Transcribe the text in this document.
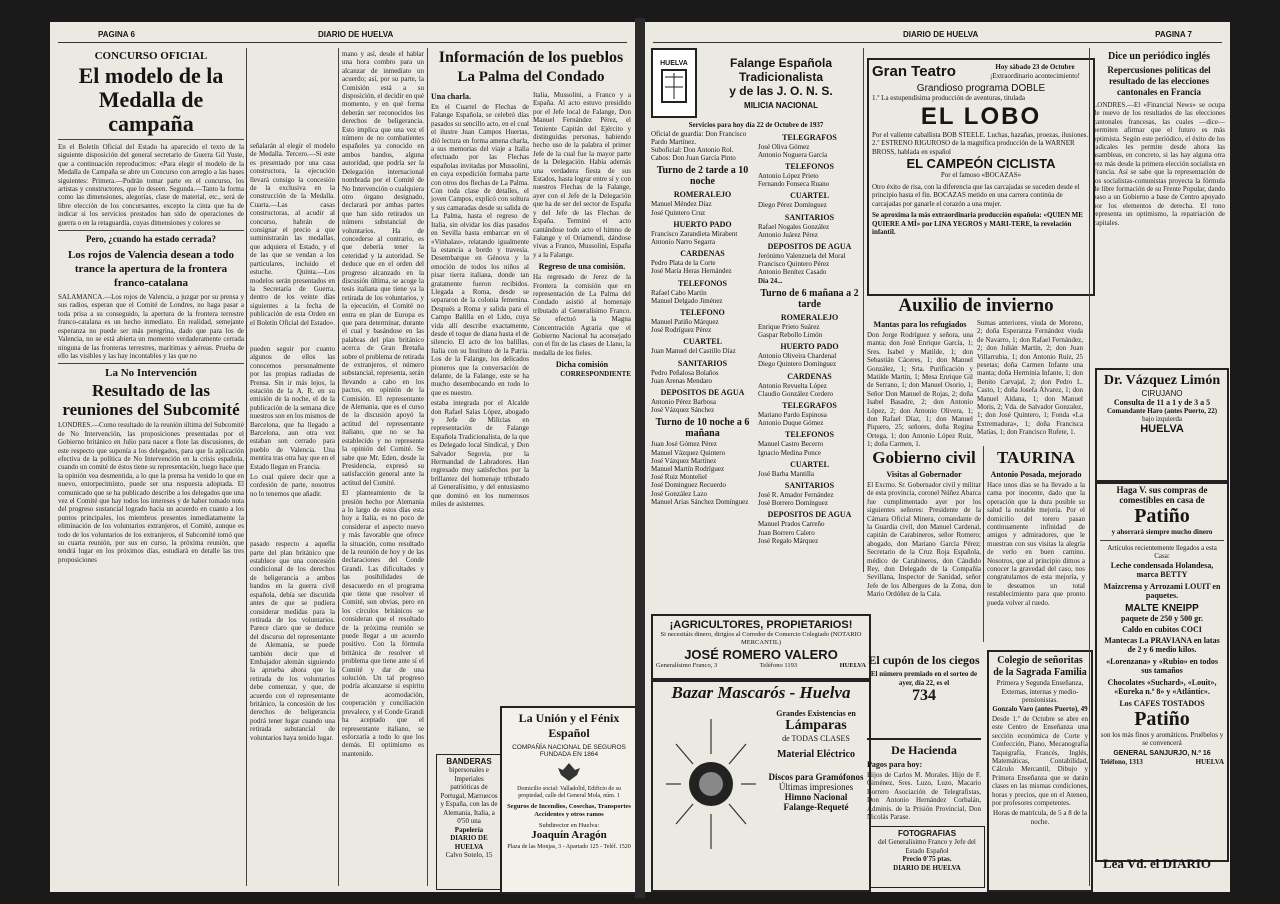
PAGINA 6	DIARIO DE HUELVA
CONCURSO OFICIAL
El modelo de la Medalla de campaña

En el Boletín Oficial del Estado ha aparecido el texto de la siguiente disposición del general secretario de Guerra Gil Yuste, que a continuación reproducimos: «Para elegir el modelo de la Medalla de Campaña se abre un Concurso con arreglo a las bases siguientes: Primera.—Podrán tomar parte en el concurso, los artistas y constructores, que lo deseen. Segunda.—Tanto la forma como las dimensiones, alegorías, clase de material, etc., será de libre elección de los concursantes, excepto la cinta que ha de indicar si los servicios prestados han sido de operaciones de guerra o en la retaguardia, cuyas dimensiones y colores se

Pero, ¿cuando ha estado cerrada?
Los rojos de Valencia desean a todo trance la apertura de la frontera franco-catalana

SALAMANCA.—Los rojos de Valencia, a juzgar por su prensa y sus radios, esperan que el Comité de Londres, no haga pasar a toda prisa a su conseguido, la apertura de la frontera terrestre franco-catalana es un hecho inmediato. En realidad, semejante esperanza no puede ser más peregrina, dado que para los de Valencia, no se está abierta un momento verdaderamente cerrada ninguna de las fronteras terrestres, marítimas y aéreas. Prueba de ello las visibles y las hay incontables y las que no

La No Intervención
Resultado de las reuniones del Subcomité

LONDRES.—Como resultado de la reunión última del Subcomité de No Intervención, las proposiciones presentadas por el Gobierno británico en Julio para nacer a flote las discusiones, de este respecto que suponía a los delegados, para que la aplicación efectiva de la política de No Intervención en la crisis española, cuando un comité de éstos tiene su representación, luego hace que la opinión vea desmentida, a lo que la prensa ha venido lo que en nuevo, entorpeciminto, puede ser una respuesta adoptada. El comunicado que se ha publicado describe a los delegados que una vez el Comité que hay todos los intereses y de haber tomado nota del progreso sustancial logrado hacia un acuerdo en cuanto a los puntos principales, los miembros presentes inmediatamente la eliminación de los voluntarios extranjeros, el Comité, aunque es todo de los voluntarios de los extranjeros, el Subcomité tomó que su cuarta reunión, por sus en curso, la próxima reunión, que tendrá lugar en los próximos días, estudiará en detalle las tres proposiciones

señalarán al elegir el modelo de Medalla. Tercero.—Si este es presentado por una casa constructora, la ejecución llevará consigo la concesión de la exclusiva en la construcción de la Medalla. Cuarta.—Las casas constructoras, al acudir al concurso, habrán de consignar el precio a que suministrarán las medallas, que adquiera el Estado, y el de las que se vendan a los particulares, incluido el estuche. Quinta.—Los modelos serán presentados en la Secretaría de Guerra, dentro de los veinte días siguientes a la fecha de publicación de esta Orden en el Boletín Oficial del Estado».

pueden seguir por cuanto algunos de ellos las conocemos personalmente por las propias radiadas de Prensa. Sin ir más lejos, la estación de la A. R. en su emisión de la noche, el de la publicación de la semana dice nuestros son en los mismos de Barcelona, que ha llegado a Barcelona, aun otra vez estaban son cerrado para pueblo de Valencia. Una mentira tras otra hay que en el Estado llegan en Francia.

Lo cual quiere decir que a confesión de parte, nosotros no lo tenemos que añadir.

pasado respecto a aquella parte del plan británico que establece que una concesión condicional de los derechos de beligerancia a ambos bandos en la guerra civil española, debía ser discutida antes de que se pudiera considerar medidas para la retirada de los voluntarios. Parece claro que se deduce del discurso del representante de Alemania, se puede también decir que el Embajador alemán siguiendo la aprueba ahora que la retirada de los voluntarios debe comenzar, y que, de acuerdo con el representante británico, la concesión de los derechos de beligerancia podrá tener lugar cuando una retirada substancial de voluntarios haya tenido lugar.

mano y así, desde el hablar una hora combro para un alcanzar de inmediato un acuerdo; así, por su parte, la Comisión está a su disposición, el decidir en qué momento, y en qué forma deberán ser reconocidos los derechos de beligerancia. Esto implica que una vez el número de no combatientes españoles ya conocido en ambos bandos, alguna autoridad, que podría ser la Delegación internacional nombrada por el Comité de No Intervención o cualquiera otro órgano designado, declarará por ambas partes que han sido retirados un número substancial de voluntarios. Ha de concederse al contrario, es que debería tener la ceteridad y la autoridad. Se deduce que en el orden del progreso alcanzado en la discusión última, se acoge la tesis italiana que tiene ya la retirada de los voluntarios, y la ejecución, el Comité no entra en plan de Europa es que para determinar, durante el cual y basándose en las palabras del plan británico acerca de Gran Bretaña sobre el problema de retirada de extranjeros, el número substancial, representa, serán llevando a cabo en los pactos, en opinión de la Comisión. El representante de Alemania, que es el curso de la discusión apoyó la actitud del representante italiano, que no se ha establecido y no representa la opinión del Comité. Se sabe que Mr. Eden, desde la Presidencia, expresó su satisfacción general ante la actitud del Comité.

El planteamiento de la presión hecho por Alemania a lo largo de estos días esta hoy a Italia, es no poco de considerar el aspecto nuevo y más favorable que ofrece la situación, como resultado de la reunión de hoy y de las declaraciones del Conde Grandi. Las dificultades y las posibilidades de desacuerdo en el programa que tiene que resolver el Comité, son obvias, pero en los círculos británicos se consideran que el resultado de la próxima reunión se puede llegar a un acuerdo positivo. Con la fórmula británica de resolver el problema que tiene ante sí el Comité y dar de una solución. Un tal progreso podría alcanzarse si espíritu de acomodación, cooperación y conciliación prevalece, y el Conde Grandi ha aceptado que el representante italiano, se esforzaría a todo lo que los demás. El optimismo es mantenido.

Información de los pueblos
La Palma del Condado
Una charla.

En el Cuartel de Flechas de Falange Española, se celebró días pasados su sencillo acto, en el cual el ilustre Juan Campos Huertas, dió lectura en forma amena charla, a sus memorias del viaje a Italia efectuado por las Flechas españolas invitadas por Mussolini, en cuya expedición formaba parte con otros dos flechas de La Palma. Con toda clase de detalles, el joven Campos, explicó con soltura y sus camaradas desde su salida de La Palma, hasta el regreso de Italia, sin olvidar los días pasados en Sevilla hasta embarcar en el «Vinhalau», relatando igualmente la estancia a bordo y travesía. Desembarque en Génova y la emoción de todos los niños al pisar tierra italiana, donde tan gratamente fueron recibidos. Llegada a Roma, desde se separaron de la colonia femenina. Después a Roma y salida para el Campo Balilla en el Lido, cuya vida allí describe exactamente, desde el toque de diana hasta el de silencio. El acto de los balillas, Italia con su Instituto de la Patria. Los de la Falange, los delicados pioneros que la conversación de delante, de la Falange, este se ha mucho desembocando en todo lo que es nuestro.

estaba integrada por el Alcalde don Rafael Salas López, abogado y Jefe de Milicias en representación de Falange Española Tradicionalista, de la que es Delegado local Sindical, y Don Salvador Segovia, por la Hermandad de Labradores. Han regresado muy satisfechos por la brillantez del homenaje tributado al Generalísimo, y del entusiasmo que dominó en los numerosos miles de asistentes.

Italia, Mussolini, a Franco y a España. Al acto estuvo presidido por el Jefe local de Falange, Don Manuel Fernández Pérez, el Teniente Capitán del Ejército y distinguidas personas, habiendo hecho uso de la palabra el primer Jefe de la cual fue la mayor parte de la Delegación. Había además una verdadera fiesta de sus Estados, hasta lograr entre sí y con nuestros Flechas de la Falange, ayer con el Jefe de la Delegación que ha de ser del sector de España y del Jefe de las Flechas de España. Terminó el acto cantándose todo acto el himno de Falange y el Oriamendi, dándose vivas a Franco, Mussolini, España y a la Falange.

Regreso de una comisión.

Ha regresado de Jerez de la Frontera la comisión que en representación de La Palma del Condado asistió al homenaje tributado al Generalísimo Franco. Se efectuó la Magna Concentración Agraria que el Gobierno Nacional ha aconsejado con el fin de las clases de Llano, la medalla de los fieles.

Dicha comisión
CORRESPONDIENTE
BANDERAS
bipersonales e Imperiales patrióticas de Portugal, Marruecos y España, con las de Alemania, Italia, a 0'50 una
Papelería
DIARIO DE HUELVA
Calvo Sotelo, 15
La Unión y el Fénix Español
COMPAÑÍA NACIONAL DE SEGUROS
FUNDADA EN 1864
Domicilio social: Valladolid, Edificio de su propiedad, calle del General Mola, núm. 1
Seguros de Incendios, Cosechas, Transportes
Accidentes y otros ramos
Subdirector en Huelva:
Joaquín Aragón
Plaza de las Monjas, 3 - Apartado 125 - Teléf. 1520
DIARIO DE HUELVA	PAGINA 7
HUELVA	Falange Española
Tradicionalista
y de las J. O. N. S.
MILICIA NACIONAL
Servicios para hoy día 22 de Octubre de 1937
Oficial de guardia: Don Francisco Pardo Martínez.
Suboficial: Don Antonio Rol.
Cabos: Don Juan García Pinto
Turno de 2 tarde a 10 noche
ROMERALEJO
Manuel Méndez Díaz
José Quintero Cruz
HUERTO PADO
Francisco Zarandieta Mirabent
Antonio Narro Segarra
CARDENAS
Pedro Plata de la Corte
José María Heras Hernández
TELEFONOS
Rafael Cabo Martín
Manuel Delgado Jiménez
TELEFONO
Manuel Patiño Márquez
José Rodríguez Pérez
CUARTEL
Juan Manuel del Castillo Díaz
SANITARIOS
Pedro Peñalosa Bolaños
Juan Arenas Mendaro
DEPOSITOS DE AGUA
Antonio Pérez Barbosa
José Vázquez Sánchez
Turno de 10 noche a 6 mañana
Juan José Gómez Pérez
Manuel Vázquez Quintero
José Vázquez Martínez
Manuel Martín Rodríguez
José Ruiz Monteliel
José Dominguez Recuerdo
José González Lazo
Manuel Arias Sánchez Domínguez
TELEGRAFOS
José Oliva Gómez
Antonio Noguera García
TELEFONOS
Antonio López Prieto
Fernando Fonseca Ruano
CUARTEL
Diego Pérez Domínguez
SANITARIOS
Rafael Nogales González
Antonio Juárez Pérez
DEPOSITOS DE AGUA
Jerónimo Valenzuela del Moral
Francisco Quintero Pérez
Antonio Benítez Casado
Día 24...
Turno de 6 mañana a 2 tarde
ROMERALEJO
Enrique Prieto Suárez
Gaspar Rebollo Limón
HUERTO PADO
Antonio Oliveira Chardenal
Diego Quintero Domínguez
CARDENAS
Antonio Revuelta López
Claudio González Cordero
TELEGRAFOS
Mariano Pardo Espinosa
Antonio Duque Gómez
TELEFONOS
Manuel Castro Becerro
Ignacio Medina Ponce
CUARTEL
José Barba Mantilla
SANITARIOS
José R. Amador Fernández
José Borrero Domínguez
DEPOSITOS DE AGUA
Manuel Prados Carreño
Juan Borrero Calero
José Regalo Márquez
¡AGRICULTORES, PROPIETARIOS!
Si necesitáis dinero, dirigíos al Corredor de Comercio Colegiado (NOTARIO MERCANTIL)
JOSÉ ROMERO VALERO
Generalísimo Franco, 3	Teléfono 1193	HUELVA
Bazar Mascarós - Huelva
Grandes Existencias en
Lámparas
de TODAS CLASES
Material Eléctrico
Discos para Gramófonos
Últimas impresiones
Himno Nacional
Falange-Requeté
Gran Teatro	Hoy sábado 23 de Octubre
¡Extraordinario acontecimiento!
Grandioso programa DOBLE
1.º La estupendísima producción de aventuras, titulada
EL LOBO
Por el valiente caballista BOB STEELE. Luchas, hazañas, proezas, ilusiones.
2.º ESTRENO RIGUROSO de la magnífica producción de la WARNER BROSS, hablada en español
EL CAMPEÓN CICLISTA
Por el famoso «BOCAZAS»
Otro éxito de risa, con la diferencia que las carcajadas se suceden desde el principio hasta el fin. BOCAZAS metido en una carrera continúa de carcajadas por ganarle el corazón a una mujer.
Se aproxima la más extraordinaria producción española: «QUIEN ME QUIERE A MÍ» por LINA YEGROS y MARI-TERE, la revelación infantil.
Auxilio de invierno
Mantas para los refugiados

Don Jorge Rodríguez y señora, una manta; don José Enrique García, 1; Sres. Isabel y Matilde, 1; don Sebastián Cáceres, 1; don Manuel González, 1; Srta. Purificación y Matilde Martín, 1; Mesa Enrique Gil de Serrano, 1; don Manuel Osorio, 1; Señor Don Manuel de Rojas, 2; doña Isabel Basadre, 2; don Antonio López, 2; don Antonio Olivera, 1; don Rafael Díaz, 1; don Manuel Piquero, 25; señores, doña Regina Ortega, 1; don Antonio López Ruíz, 1; doña Carmen, 1.

Sumas anteriores, viuda de Moreno, 2; doña Esperanza Fernández viuda de Navarro, 1; don Rafael Fernández, 2; don Julián Martín, 2; don Juan Villarrubia, 1; don Antonio Ruíz, 25 pesetas; doña Carmen Infante una manta; doña Herminia Infante, 1; don Benito Carvajal, 2; don Pedro L. Casto, 1; doña Josefa Álvarez, 1; don Manuel Aldana, 1; don Manuel Moris, 2; Vda. de Salvador Gonzalez, 1; don José Quintero, 1; Fonda «La Extremadura», 1; doña Francisca Matías, 1; don Francisco Rufete, 1.

Gobierno civil
Visitas al Gobernador

El Excmo. Sr. Gobernador civil y militar de esta provincia, coronel Núñez Abarca fue cumplimentado ayer por los siguientes señores: Presidente de la Cámara Oficial Minera, comandante de la Guardia civil, don Manuel Cardenal, capitán de Carabineros, señor Romero; abogado, don Mariano García Pérez; Secretario de la Cruz Roja Española, médico de Carabineros, don Cándido Rey, don Delegado de la Compañía Sevillana, Inspector de Sanidad, señor Jefe de los Albergues de la Zona, don Mario Ordóñez de la Cala.

TAURINA
Antonio Posada, mejorado

Hace unos días se ha llevado a la cama por inocente, dado que la operación que la dura posible su salud la notable mejoría. Por el domicilio del torero pasan continuamente infinidad de amigos y admiradores, que le muestran con sus visitas la alegría de verlo en buen camino. Nosotros, que al principio dimos a conocer la gravedad del caso, nos congratulamos de esta mejoría, y le deseamos un total restablecimiento para que pronto pueda volver al ruedo.

El cupón de los ciegos
El número premiado en el sorteo de ayer, día 22, es el
734
De Hacienda
Pagos para hoy:

Hijos de Carlos M. Morales. Hijo de F. Giménez, Sres. Luzo, Luzo, Macario Borrero Asociación de Telegrafistas, Don Antonio Hernández Corbalán, Adminis. de la Prisión Provincial, Don Nicolás Parase.

FOTOGRAFIAS
del Generalísimo Franco y Jefe del Estado Español
Precio 0'75 ptas.
DIARIO DE HUELVA
Colegio de señoritas de la Sagrada Familia
Primera y Segunda Enseñanza, Externas, internas y medio-pensionistas.
Gonzalo Varo (antes Puerto), 49

Desde 1.º de Octubre se abre en este Centro de Enseñanza una sección económica de Corte y Confección, Piano, Mecanografía Taquigrafía, Francés, Inglés, Matemáticas, Contabilidad, Cálculo Mercantil, Dibujo y Primera Enseñanza que se darán clases en las mismas condiciones, horas y precios, que en el Ateneo, por profesores competentes.

Horas de matrícula, de 5 a 8 de la noche.
Dice un periódico inglés
Repercusiones políticas del resultado de las elecciones cantonales en Francia

LONDRES.—El «Financial News» se ocupa de nuevo de los resultados de las elecciones cantonales francesas, las cuales —dice— permiten afirmar que el futuro es más optimista. Según este periódico, el éxito de los radicales les permite desde ahora las asambleas, en concreto, si las hay alguna otra vez más desde la primera elección socialista en Francia. Así se sabe que la representación de los socialistas-comunistas proyecta la fórmula de libre formación de su Frente Popular, dando paso a un Gobierno a base de Centro apoyado por los elementos de derecha. El tono representa un optimismo, la repatriación de capitales.

Dr. Vázquez Limón
CIRUJANO
Consulta de 11 a 1 y de 3 a 5
Comandante Haro (antes Puerto, 22)
bajo izquierda
HUELVA
Haga V. sus compras de comestibles en casa de
Patiño
y ahorrará siempre mucho dinero
Artículos recientemente llegados a esta Casa:
Leche condensada Holandesa, marca BETTY
Maizcrema y Arrozami LOUIT en paquetes.
MALTE KNEIPP
paquete de 250 y 500 gr.
Caldo en cubitos COCI
Mantecas La PRAVIANA en latas de 2 y 6 medio kilos.
«Lorenzana» y «Rubio» en todos sus tamaños
Chocolates «Suchard», «Louit», «Eureka n.º 8» y «Atlántic».
Los CAFES TOSTADOS
Patiño
son los más finos y aromáticos. Pruébelos y se convencerá
GENERAL SANJURJO, N.º 16
Teléfono, 1313	HUELVA
Lea Vd. el DIARIO
